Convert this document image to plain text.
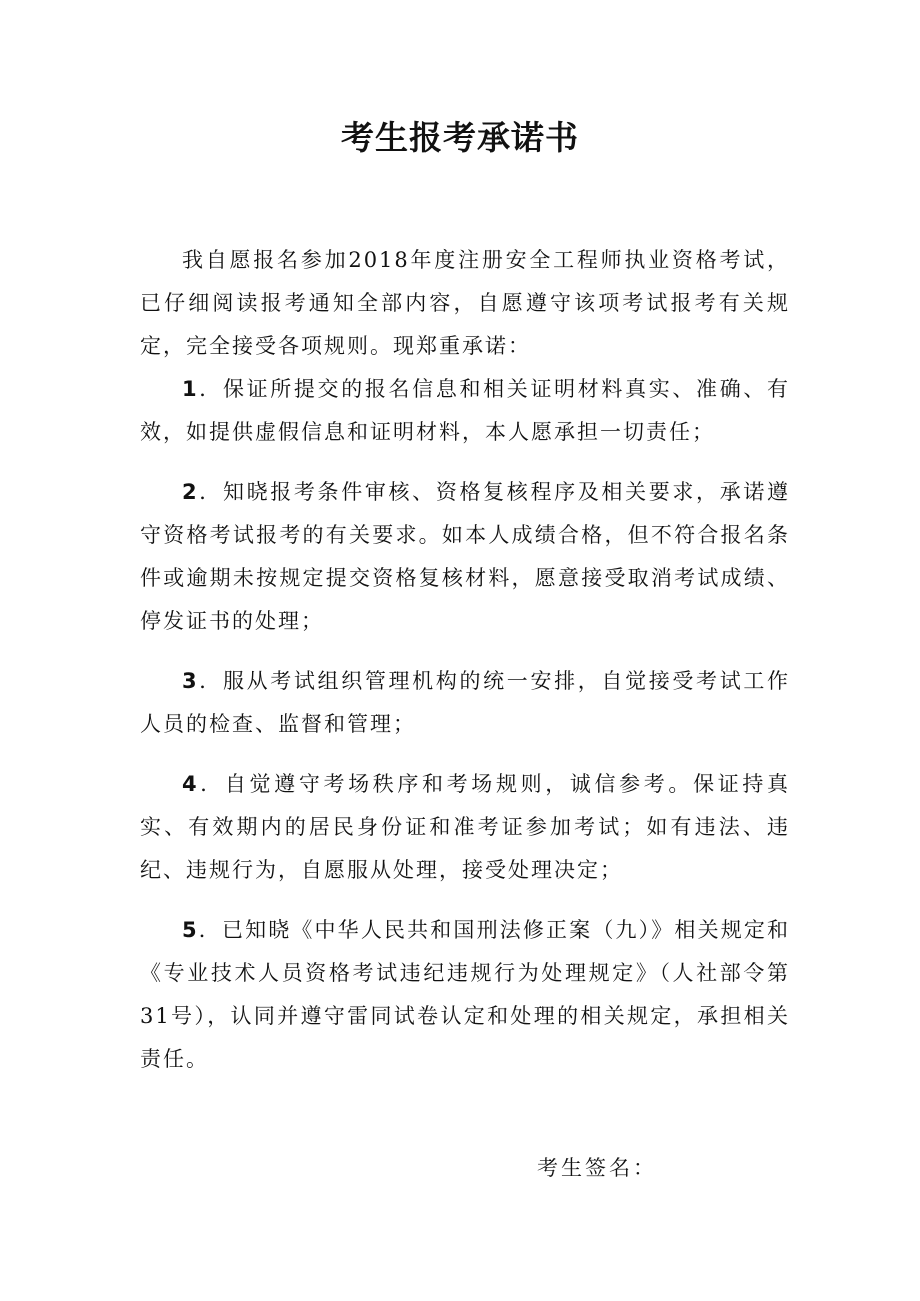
考生报考承诺书

我自愿报名参加2018年度注册安全工程师执业资格考试，已仔细阅读报考通知全部内容，自愿遵守该项考试报考有关规定，完全接受各项规则。现郑重承诺：

1．保证所提交的报名信息和相关证明材料真实、准确、有效，如提供虚假信息和证明材料，本人愿承担一切责任；

2．知晓报考条件审核、资格复核程序及相关要求，承诺遵守资格考试报考的有关要求。如本人成绩合格，但不符合报名条件或逾期未按规定提交资格复核材料，愿意接受取消考试成绩、停发证书的处理；

3．服从考试组织管理机构的统一安排，自觉接受考试工作人员的检查、监督和管理；

4．自觉遵守考场秩序和考场规则，诚信参考。保证持真实、有效期内的居民身份证和准考证参加考试；如有违法、违纪、违规行为，自愿服从处理，接受处理决定；

5．已知晓《中华人民共和国刑法修正案（九）》相关规定和《专业技术人员资格考试违纪违规行为处理规定》（人社部令第31号），认同并遵守雷同试卷认定和处理的相关规定，承担相关责任。

考生签名：
